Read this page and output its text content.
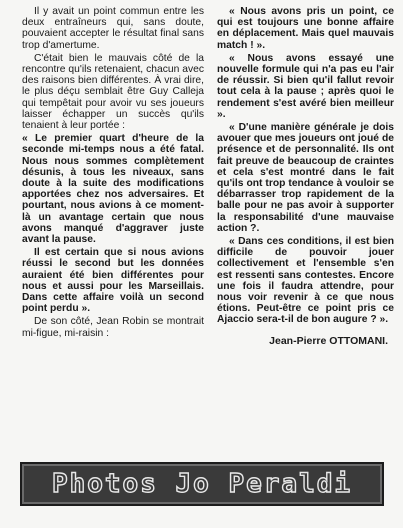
Il y avait un point commun entre les deux entraîneurs qui, sans doute, pouvaient accepter le résultat final sans trop d'amertume.

C'était bien le mauvais côté de la rencontre qu'ils retenaient, chacun avec des raisons bien différentes. À vrai dire, le plus déçu semblait être Guy Calleja qui tempêtait pour avoir vu ses joueurs laisser échapper un succès qu'ils tenaient à leur portée :

« Le premier quart d'heure de la seconde mi-temps nous a été fatal. Nous nous sommes complètement désunis, à tous les niveaux, sans doute à la suite des modifications apportées chez nos adversaires. Et pourtant, nous avions à ce moment-là un avantage certain que nous avons manqué d'aggraver juste avant la pause.

Il est certain que si nous avions réussi le second but les données auraient été bien différentes pour nous et aussi pour les Marseillais. Dans cette affaire voilà un second point perdu ».

De son côté, Jean Robin se montrait mi-figue, mi-raisin :

« Nous avons pris un point, ce qui est toujours une bonne affaire en déplacement. Mais quel mauvais match ! ».

« Nous avons essayé une nouvelle formule qui n'a pas eu l'air de réussir. Si bien qu'il fallut revoir tout cela à la pause ; après quoi le rendement s'est avéré bien meilleur ».

« D'une manière générale je dois avouer que mes joueurs ont joué de présence et de personnalité. Ils ont fait preuve de beaucoup de craintes et cela s'est montré dans le fait qu'ils ont trop tendance à vouloir se débarrasser trop rapidement de la balle pour ne pas avoir à supporter la responsabilité d'une mauvaise action ?.

« Dans ces conditions, il est bien difficile de pouvoir jouer collectivement et l'ensemble s'en est ressenti sans contestes. Encore une fois il faudra attendre, pour nous voir revenir à ce que nous étions. Peut-être ce point pris ce Ajaccio sera-t-il de bon augure ? ».

Jean-Pierre OTTOMANI.
Photos Jo Peraldi
